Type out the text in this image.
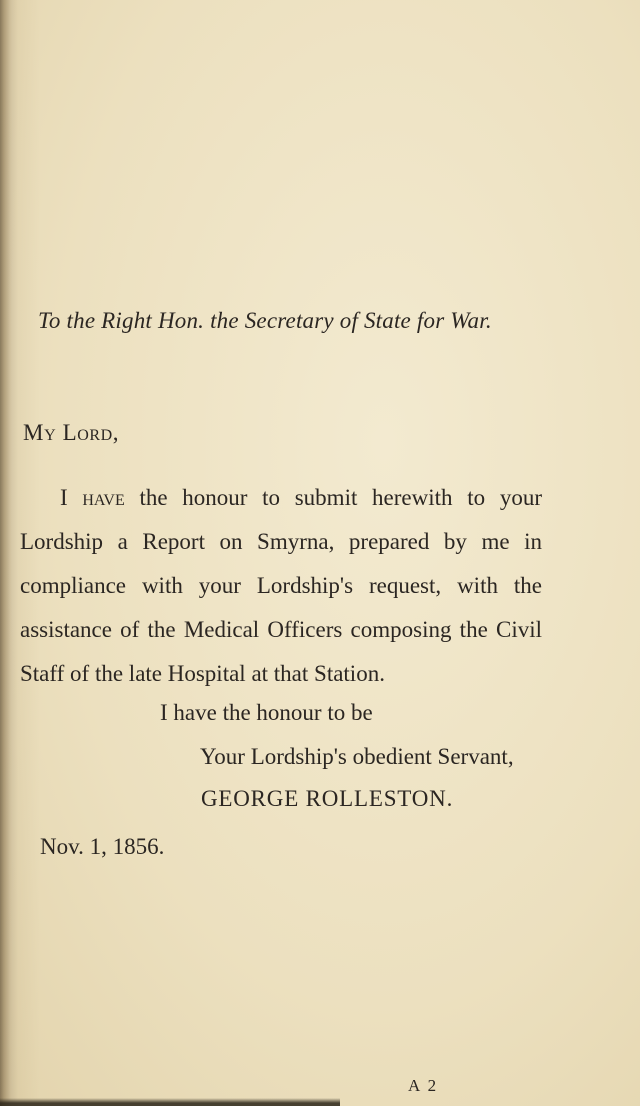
To the Right Hon. the Secretary of State for War.
My Lord,
I have the honour to submit herewith to your
Lordship a Report on Smyrna, prepared by me in
compliance with your Lordship's request, with the
assistance of the Medical Officers composing the Civil
Staff of the late Hospital at that Station.
I have the honour to be
Your Lordship's obedient Servant,
GEORGE ROLLESTON.
Nov. 1, 1856.
A 2
